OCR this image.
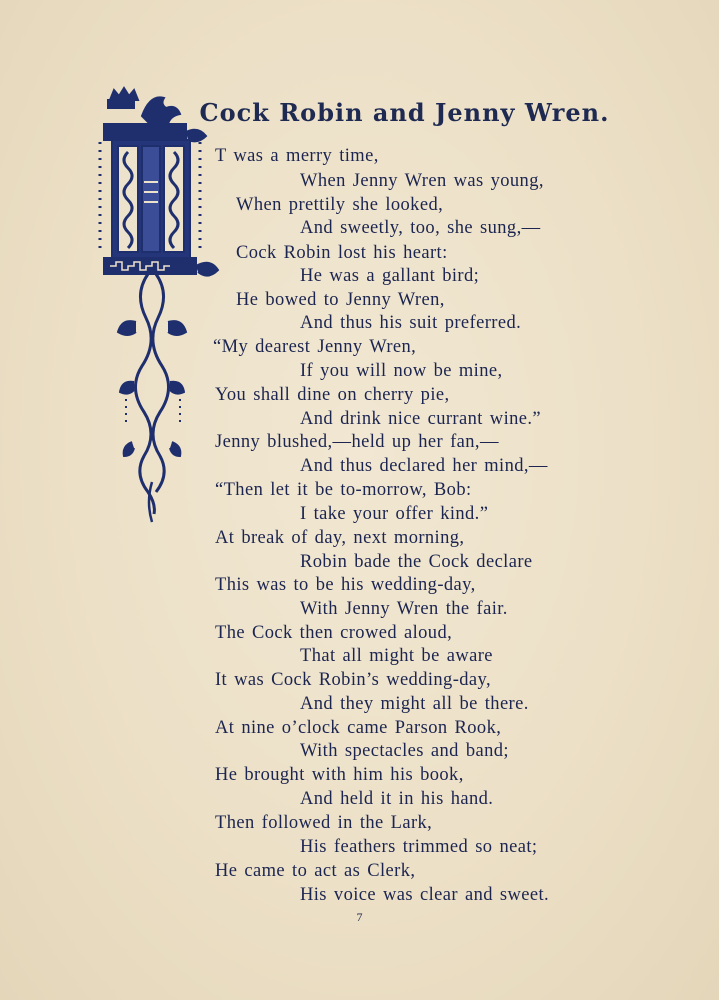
Cock Robin and Jenny Wren.
T was a merry time,
When Jenny Wren was young,
When prettily she looked,
And sweetly, too, she sung,—
Cock Robin lost his heart:
He was a gallant bird;
He bowed to Jenny Wren,
And thus his suit preferred.
“My dearest Jenny Wren,
If you will now be mine,
You shall dine on cherry pie,
And drink nice currant wine.”
Jenny blushed,—held up her fan,—
And thus declared her mind,—
“Then let it be to-morrow, Bob:
I take your offer kind.”
At break of day, next morning,
Robin bade the Cock declare
This was to be his wedding-day,
With Jenny Wren the fair.
The Cock then crowed aloud,
That all might be aware
It was Cock Robin’s wedding-day,
And they might all be there.
At nine o’clock came Parson Rook,
With spectacles and band;
He brought with him his book,
And held it in his hand.
Then followed in the Lark,
His feathers trimmed so neat;
He came to act as Clerk,
His voice was clear and sweet.
7
